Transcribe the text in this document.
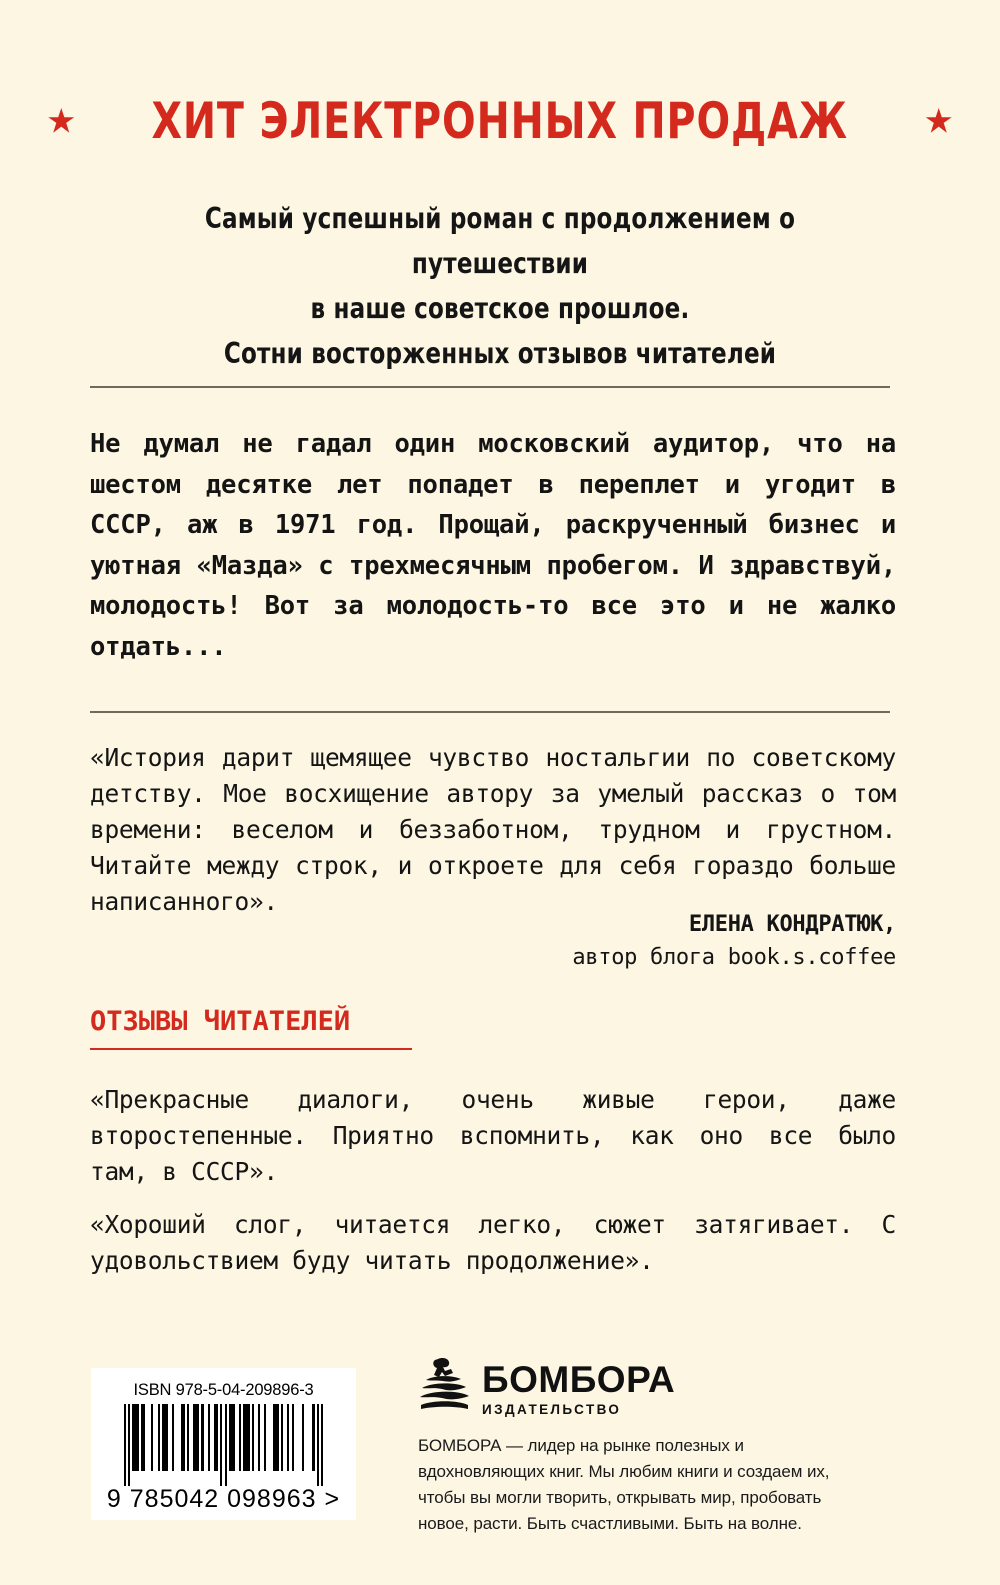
ХИТ ЭЛЕКТРОННЫХ ПРОДАЖ
Самый успешный роман с продолжением о путешествии
в наше советское прошлое.
Сотни восторженных отзывов читателей
Не думал не гадал один московский аудитор, что на шестом десятке лет попадет в переплет и угодит в СССР, аж в 1971 год. Прощай, раскрученный бизнес и уютная «Мазда» с трехмесячным пробегом. И здравствуй, молодость! Вот за молодость-то все это и не жалко отдать...
«История дарит щемящее чувство ностальгии по советскому детству. Мое восхищение автору за умелый рассказ о том времени: веселом и беззаботном, трудном и грустном. Читайте между строк, и откроете для себя гораздо больше написанного».
ЕЛЕНА КОНДРАТЮК,
автор блога book.s.coffee
ОТЗЫВЫ ЧИТАТЕЛЕЙ
«Прекрасные диалоги, очень живые герои, даже второстепенные. Приятно вспомнить, как оно все было там, в СССР».
«Хороший слог, читается легко, сюжет затягивает. С удовольствием буду читать продолжение».
ISBN 978-5-04-209896-3
9 785042 098963 >
БОМБОРА
ИЗДАТЕЛЬСТВО
БОМБОРА — лидер на рынке полезных и вдохновляющих книг. Мы любим книги и создаем их, чтобы вы могли творить, открывать мир, пробовать новое, расти. Быть счастливыми. Быть на волне.
